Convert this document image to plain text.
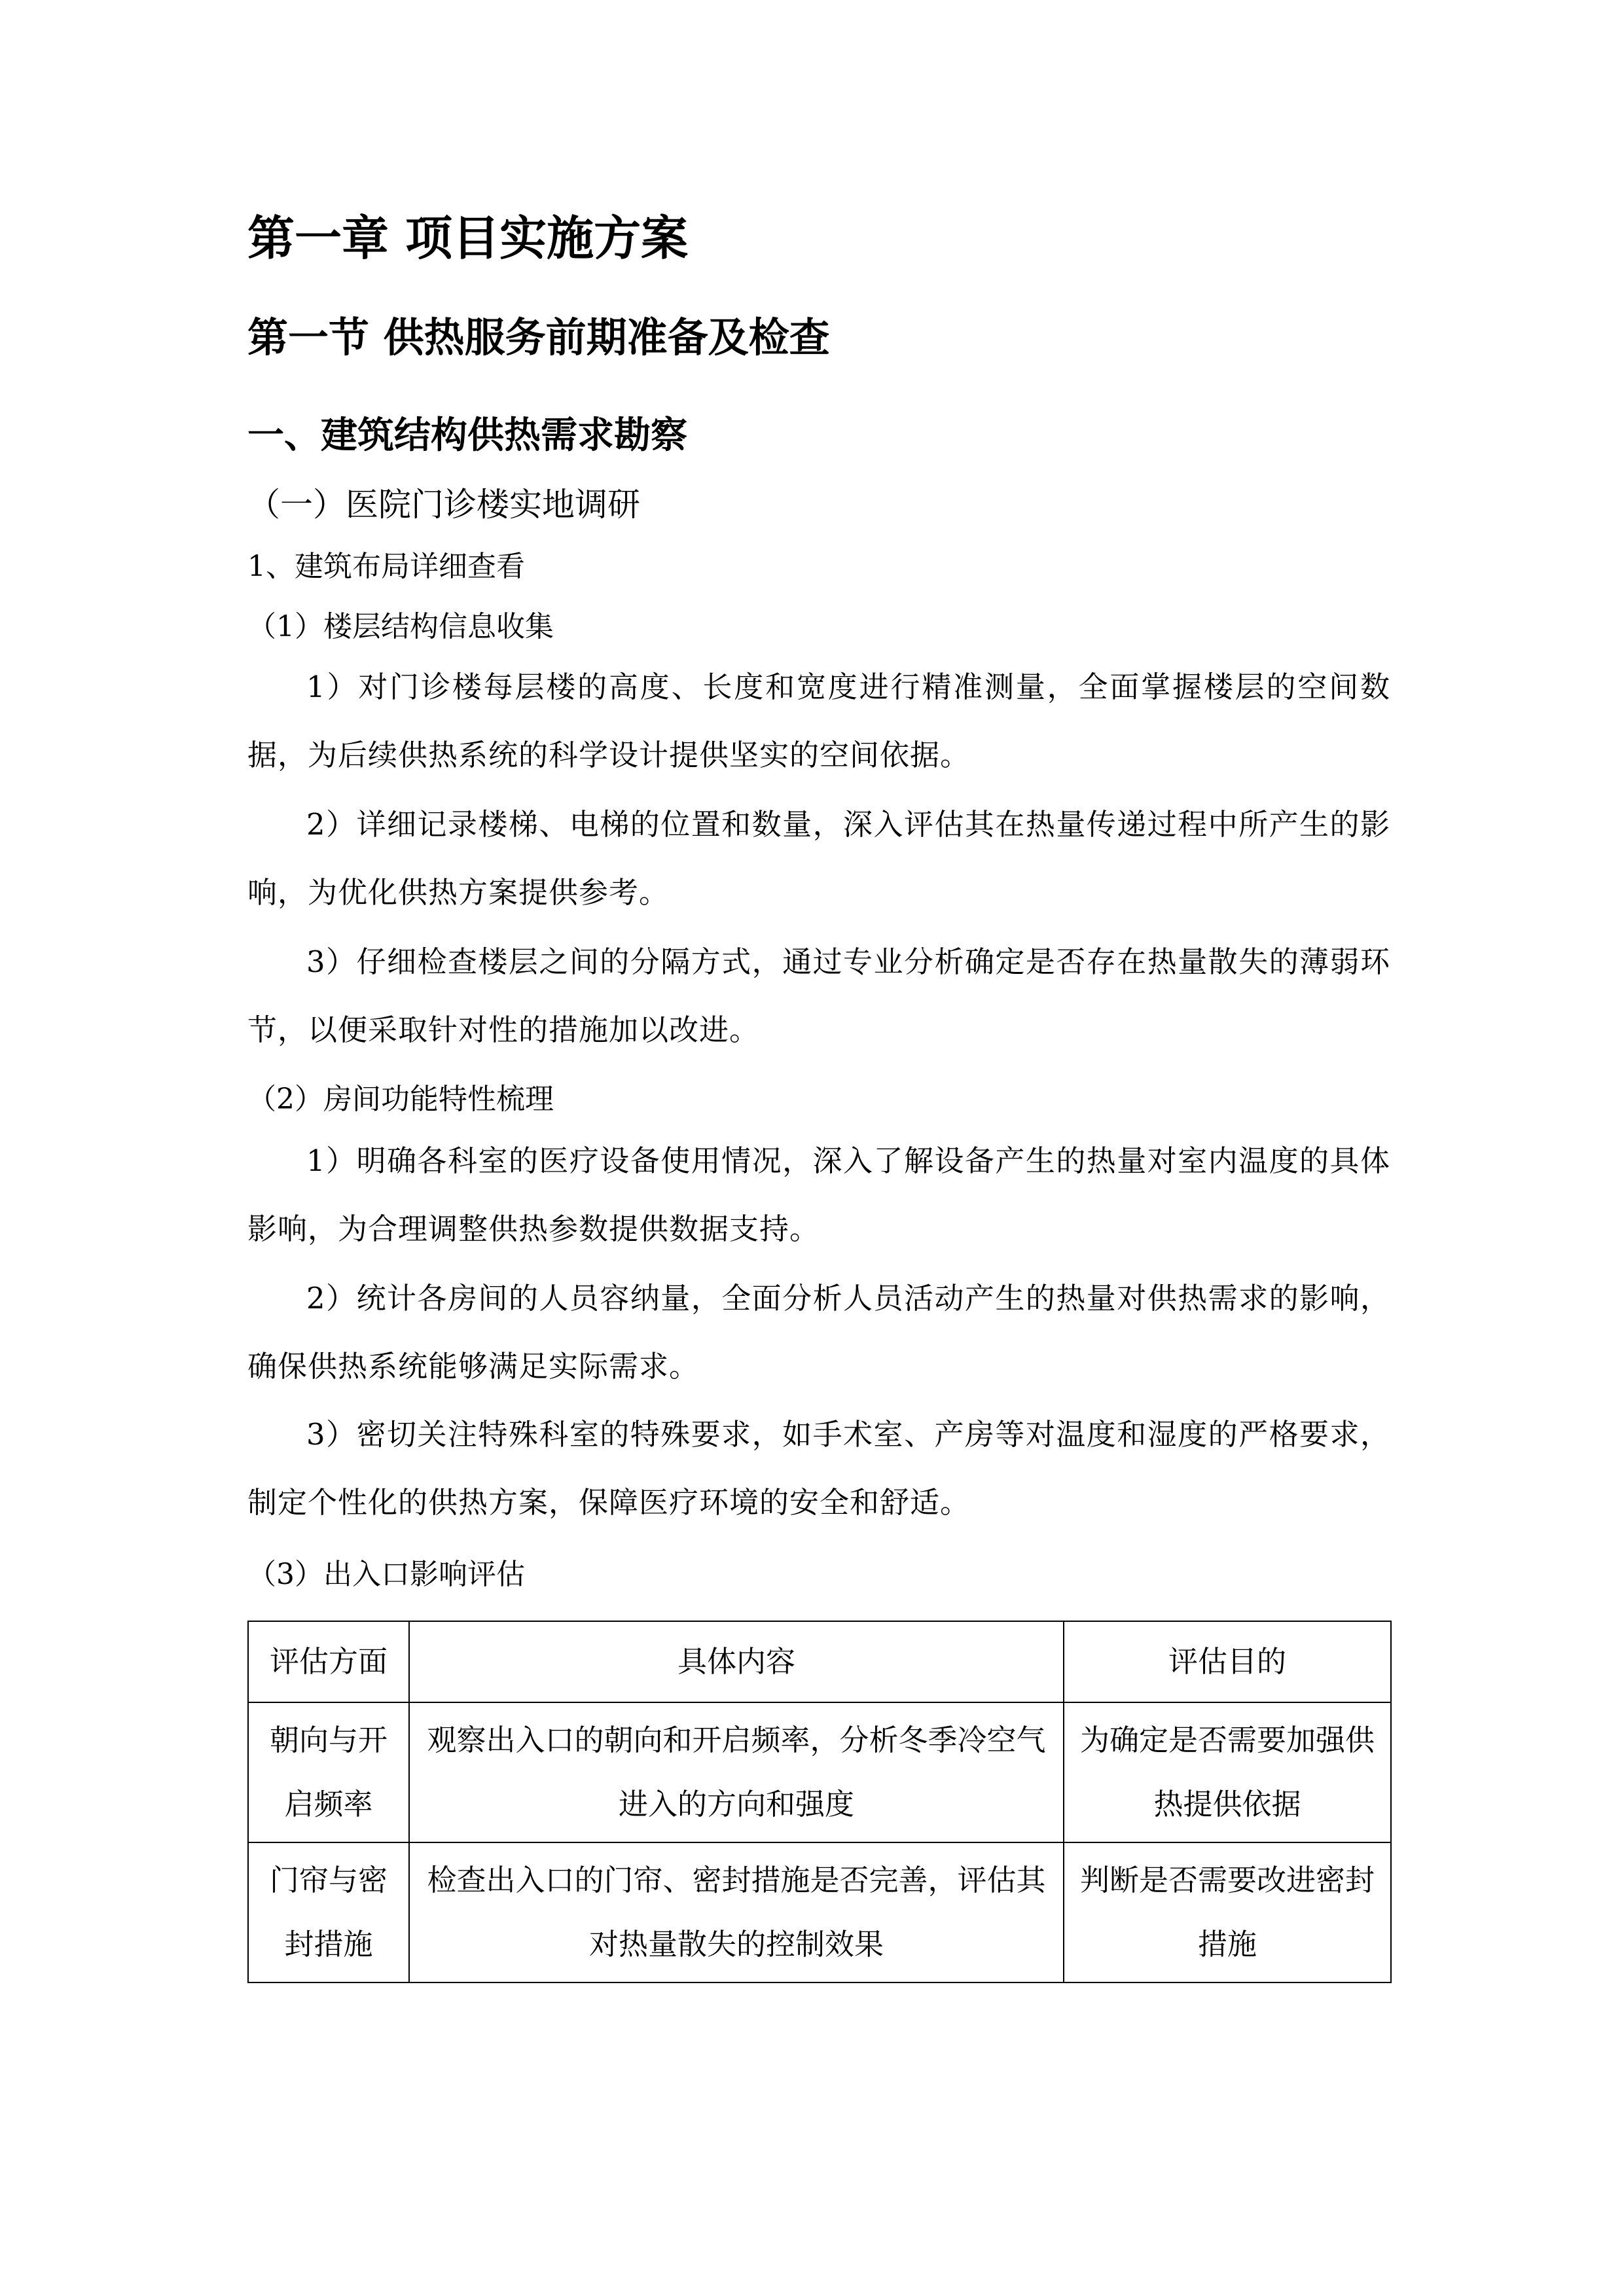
第一章 项目实施方案
第一节 供热服务前期准备及检查
一、建筑结构供热需求勘察
（一）医院门诊楼实地调研
1、建筑布局详细查看
（1）楼层结构信息收集
1）对门诊楼每层楼的高度、长度和宽度进行精准测量，全面掌握楼层的空间数据，为后续供热系统的科学设计提供坚实的空间依据。
2）详细记录楼梯、电梯的位置和数量，深入评估其在热量传递过程中所产生的影响，为优化供热方案提供参考。
3）仔细检查楼层之间的分隔方式，通过专业分析确定是否存在热量散失的薄弱环节，以便采取针对性的措施加以改进。
（2）房间功能特性梳理
1）明确各科室的医疗设备使用情况，深入了解设备产生的热量对室内温度的具体影响，为合理调整供热参数提供数据支持。
2）统计各房间的人员容纳量，全面分析人员活动产生的热量对供热需求的影响，确保供热系统能够满足实际需求。
3）密切关注特殊科室的特殊要求，如手术室、产房等对温度和湿度的严格要求，制定个性化的供热方案，保障医疗环境的安全和舒适。
（3）出入口影响评估
评估方面	具体内容	评估目的
朝向与开启频率	观察出入口的朝向和开启频率，分析冬季冷空气进入的方向和强度	为确定是否需要加强供热提供依据
门帘与密封措施	检查出入口的门帘、密封措施是否完善，评估其对热量散失的控制效果	判断是否需要改进密封措施
